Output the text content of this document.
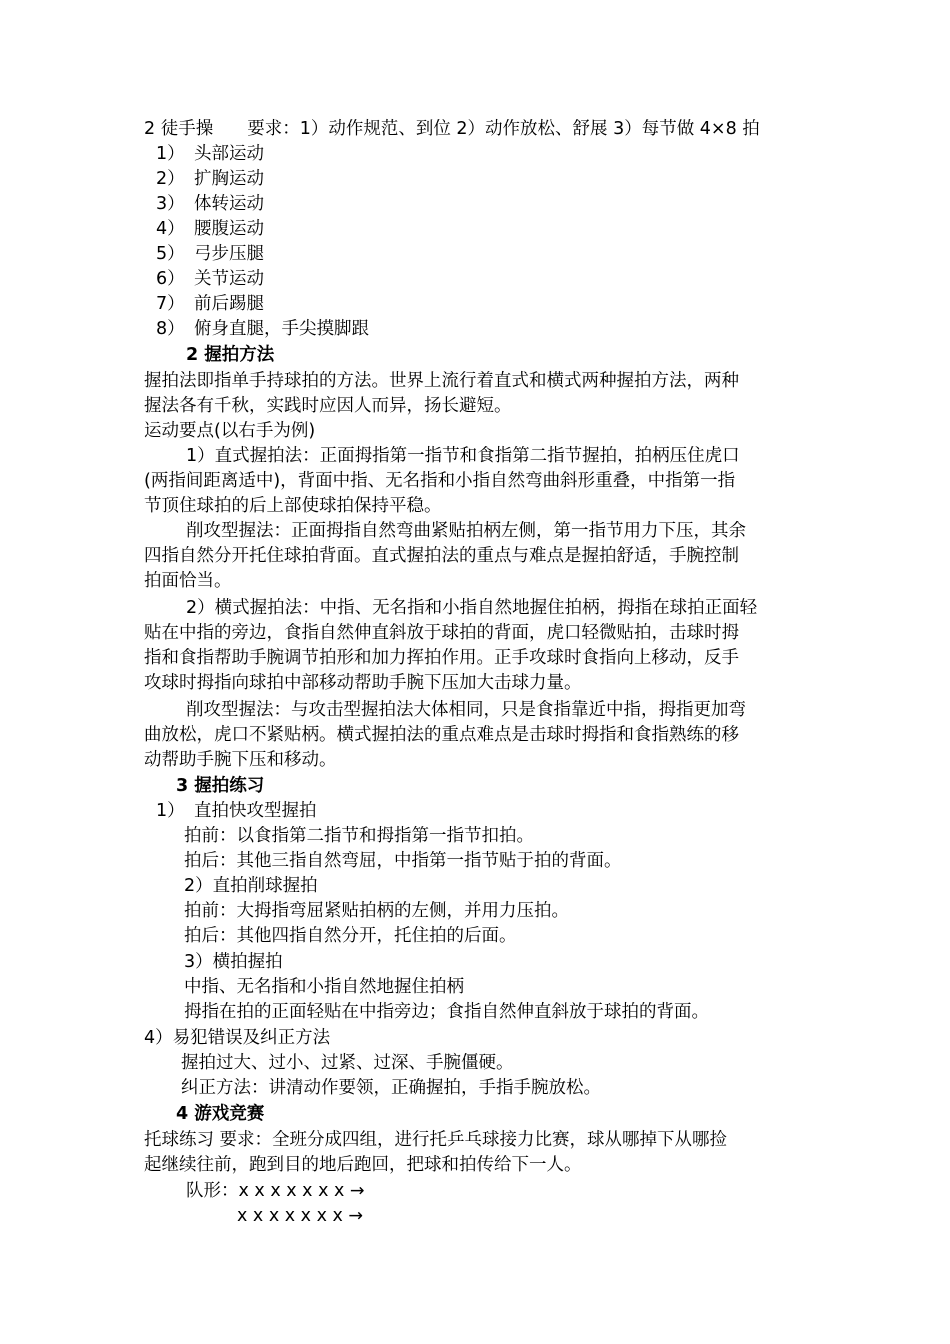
2 徒手操 要求：1）动作规范、到位 2）动作放松、舒展 3）每节做 4×8 拍
1） 头部运动
2） 扩胸运动
3） 体转运动
4） 腰腹运动
5） 弓步压腿
6） 关节运动
7） 前后踢腿
8） 俯身直腿，手尖摸脚跟
2 握拍方法
握拍法即指单手持球拍的方法。世界上流行着直式和横式两种握拍方法，两种
握法各有千秋，实践时应因人而异，扬长避短。
运动要点(以右手为例)
1）直式握拍法：正面拇指第一指节和食指第二指节握拍，拍柄压住虎口
(两指间距离适中)，背面中指、无名指和小指自然弯曲斜形重叠，中指第一指
节顶住球拍的后上部使球拍保持平稳。
削攻型握法：正面拇指自然弯曲紧贴拍柄左侧，第一指节用力下压，其余
四指自然分开托住球拍背面。直式握拍法的重点与难点是握拍舒适，手腕控制
拍面恰当。
2）横式握拍法：中指、无名指和小指自然地握住拍柄，拇指在球拍正面轻
贴在中指的旁边，食指自然伸直斜放于球拍的背面，虎口轻微贴拍，击球时拇
指和食指帮助手腕调节拍形和加力挥拍作用。正手攻球时食指向上移动，反手
攻球时拇指向球拍中部移动帮助手腕下压加大击球力量。
削攻型握法：与攻击型握拍法大体相同，只是食指靠近中指，拇指更加弯
曲放松，虎口不紧贴柄。横式握拍法的重点难点是击球时拇指和食指熟练的移
动帮助手腕下压和移动。
3 握拍练习
1） 直拍快攻型握拍
拍前：以食指第二指节和拇指第一指节扣拍。
拍后：其他三指自然弯屈，中指第一指节贴于拍的背面。
2）直拍削球握拍
拍前：大拇指弯屈紧贴拍柄的左侧，并用力压拍。
拍后：其他四指自然分开，托住拍的后面。
3）横拍握拍
中指、无名指和小指自然地握住拍柄
拇指在拍的正面轻贴在中指旁边；食指自然伸直斜放于球拍的背面。
4）易犯错误及纠正方法
握拍过大、过小、过紧、过深、手腕僵硬。
纠正方法：讲清动作要领，正确握拍，手指手腕放松。
4 游戏竞赛
托球练习 要求：全班分成四组，进行托乒乓球接力比赛，球从哪掉下从哪捡
起继续往前，跑到目的地后跑回，把球和拍传给下一人。
队形：x x x x x x x →
x x x x x x x →
